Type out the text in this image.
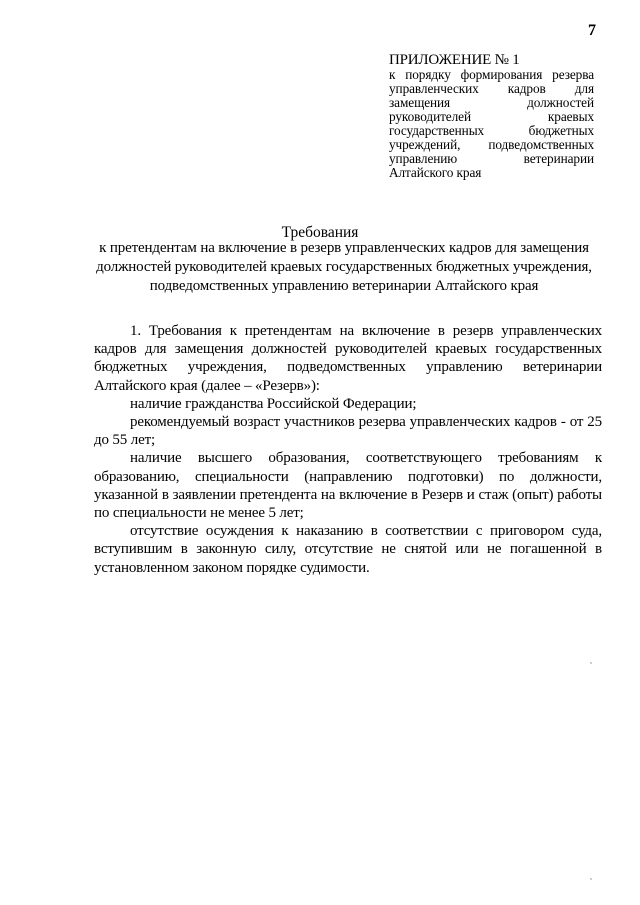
7
ПРИЛОЖЕНИЕ № 1
к порядку формирования резерва управленческих кадров для замещения должностей руководителей краевых государственных бюджетных учреждений, подведомственных управлению ветеринарии Алтайского края
Требования
к претендентам на включение в резерв управленческих кадров для замещения должностей руководителей краевых государственных бюджетных учреждения, подведомственных управлению ветеринарии Алтайского края

1. Требования к претендентам на включение в резерв управленческих кадров для замещения должностей руководителей краевых государственных бюджетных учреждения, подведомственных управлению ветеринарии Алтайского края (далее – «Резерв»):

наличие гражданства Российской Федерации;

рекомендуемый возраст участников резерва управленческих кадров - от 25 до 55 лет;

наличие высшего образования, соответствующего требованиям к образованию, специальности (направлению подготовки) по должности, указанной в заявлении претендента на включение в Резерв и стаж (опыт) работы по специальности не менее 5 лет;

отсутствие осуждения к наказанию в соответствии с приговором суда, вступившим в законную силу, отсутствие не снятой или не погашенной в установленном законом порядке судимости.
